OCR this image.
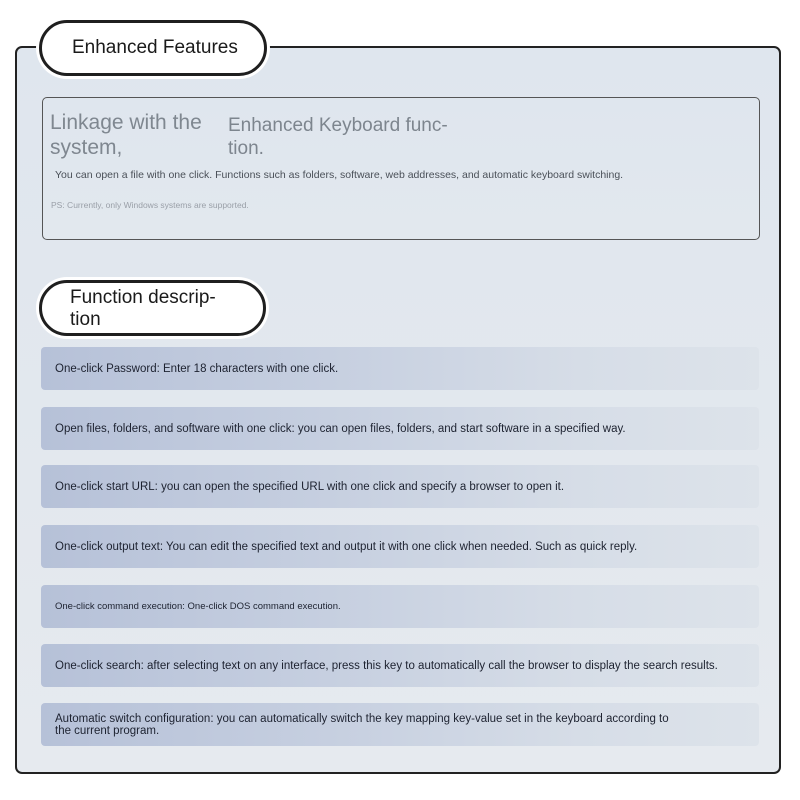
Enhanced Features
Linkage with the system,
Enhanced Keyboard func-tion.
You can open a file with one click. Functions such as folders, software, web addresses, and automatic keyboard switching.
PS: Currently, only Windows systems are supported.
Function descrip-
tion
One-click Password: Enter 18 characters with one click.
Open files, folders, and software with one click: you can open files, folders, and start software in a specified way.
One-click start URL: you can open the specified URL with one click and specify a browser to open it.
One-click output text: You can edit the specified text and output it with one click when needed. Such as quick reply.
One-click command execution: One-click DOS command execution.
One-click search: after selecting text on any interface, press this key to automatically call the browser to display the search results.
Automatic switch configuration: you can automatically switch the key mapping key-value set in the keyboard according to the current program.
